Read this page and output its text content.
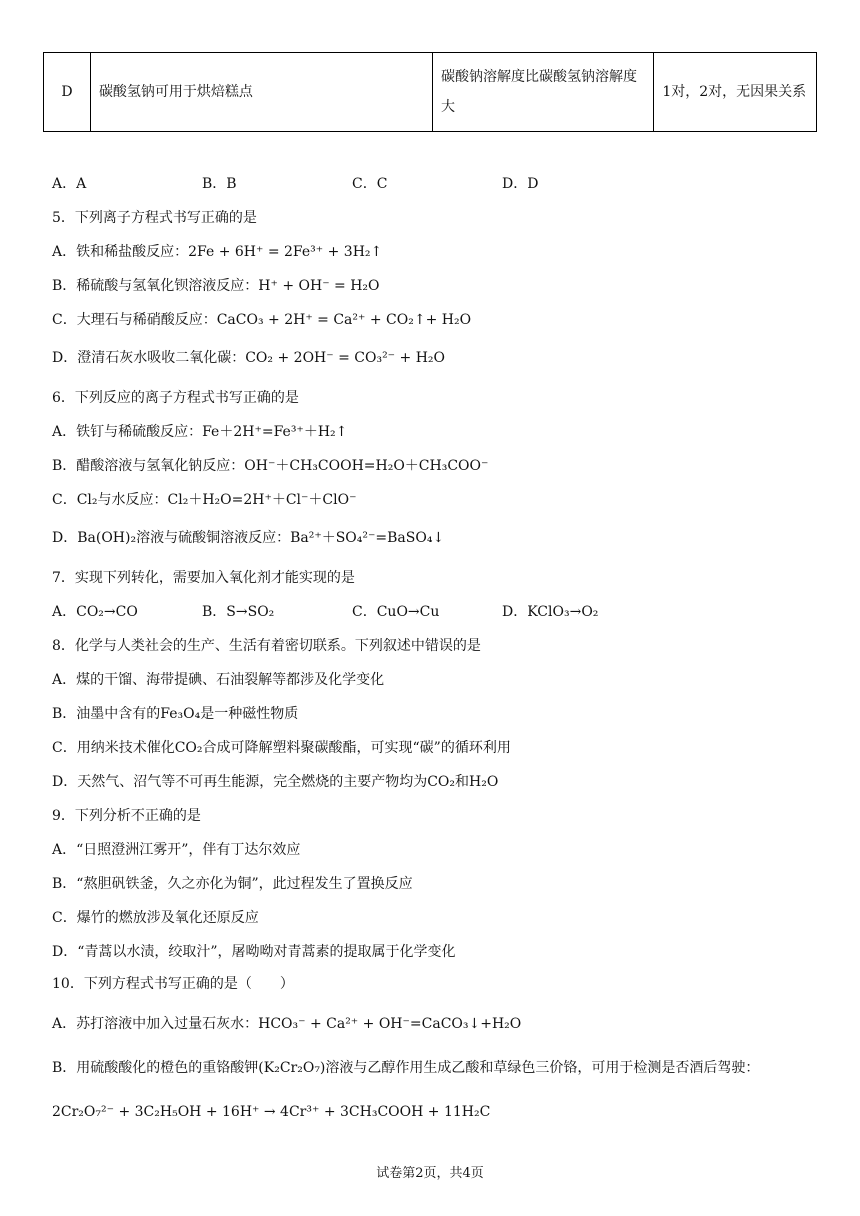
D	碳酸氢钠可用于烘焙糕点	碳酸钠溶解度比碳酸氢钠溶解度大	1对，2对，无因果关系
A．A	B．B	C．C	D．D
5．下列离子方程式书写正确的是
A．铁和稀盐酸反应：2Fe + 6H⁺ = 2Fe³⁺ + 3H₂↑
B．稀硫酸与氢氧化钡溶液反应：H⁺ + OH⁻ = H₂O
C．大理石与稀硝酸反应：CaCO₃ + 2H⁺ = Ca²⁺ + CO₂↑+ H₂O
D．澄清石灰水吸收二氧化碳：CO₂ + 2OH⁻ = CO₃²⁻ + H₂O
6．下列反应的离子方程式书写正确的是
A．铁钉与稀硫酸反应：Fe＋2H⁺=Fe³⁺＋H₂↑
B．醋酸溶液与氢氧化钠反应：OH⁻＋CH₃COOH=H₂O＋CH₃COO⁻
C．Cl₂与水反应：Cl₂＋H₂O=2H⁺＋Cl⁻＋ClO⁻
D．Ba(OH)₂溶液与硫酸铜溶液反应：Ba²⁺＋SO₄²⁻=BaSO₄↓
7．实现下列转化，需要加入氧化剂才能实现的是
A．CO₂→CO	B．S→SO₂	C．CuO→Cu	D．KClO₃→O₂
8．化学与人类社会的生产、生活有着密切联系。下列叙述中错误的是
A．煤的干馏、海带提碘、石油裂解等都涉及化学变化
B．油墨中含有的Fe₃O₄是一种磁性物质
C．用纳米技术催化CO₂合成可降解塑料聚碳酸酯，可实现“碳”的循环利用
D．天然气、沼气等不可再生能源，完全燃烧的主要产物均为CO₂和H₂O
9．下列分析不正确的是
A．“日照澄洲江雾开”，伴有丁达尔效应
B．“熬胆矾铁釜，久之亦化为铜”，此过程发生了置换反应
C．爆竹的燃放涉及氧化还原反应
D．“青蒿以水渍，绞取汁”，屠呦呦对青蒿素的提取属于化学变化
10．下列方程式书写正确的是（　　）
A．苏打溶液中加入过量石灰水：HCO₃⁻ + Ca²⁺ + OH⁻=CaCO₃↓+H₂O
B．用硫酸酸化的橙色的重铬酸钾(K₂Cr₂O₇)溶液与乙醇作用生成乙酸和草绿色三价铬，可用于检测是否酒后驾驶：
2Cr₂O₇²⁻ + 3C₂H₅OH + 16H⁺ → 4Cr³⁺ + 3CH₃COOH + 11H₂C
试卷第2页，共4页
